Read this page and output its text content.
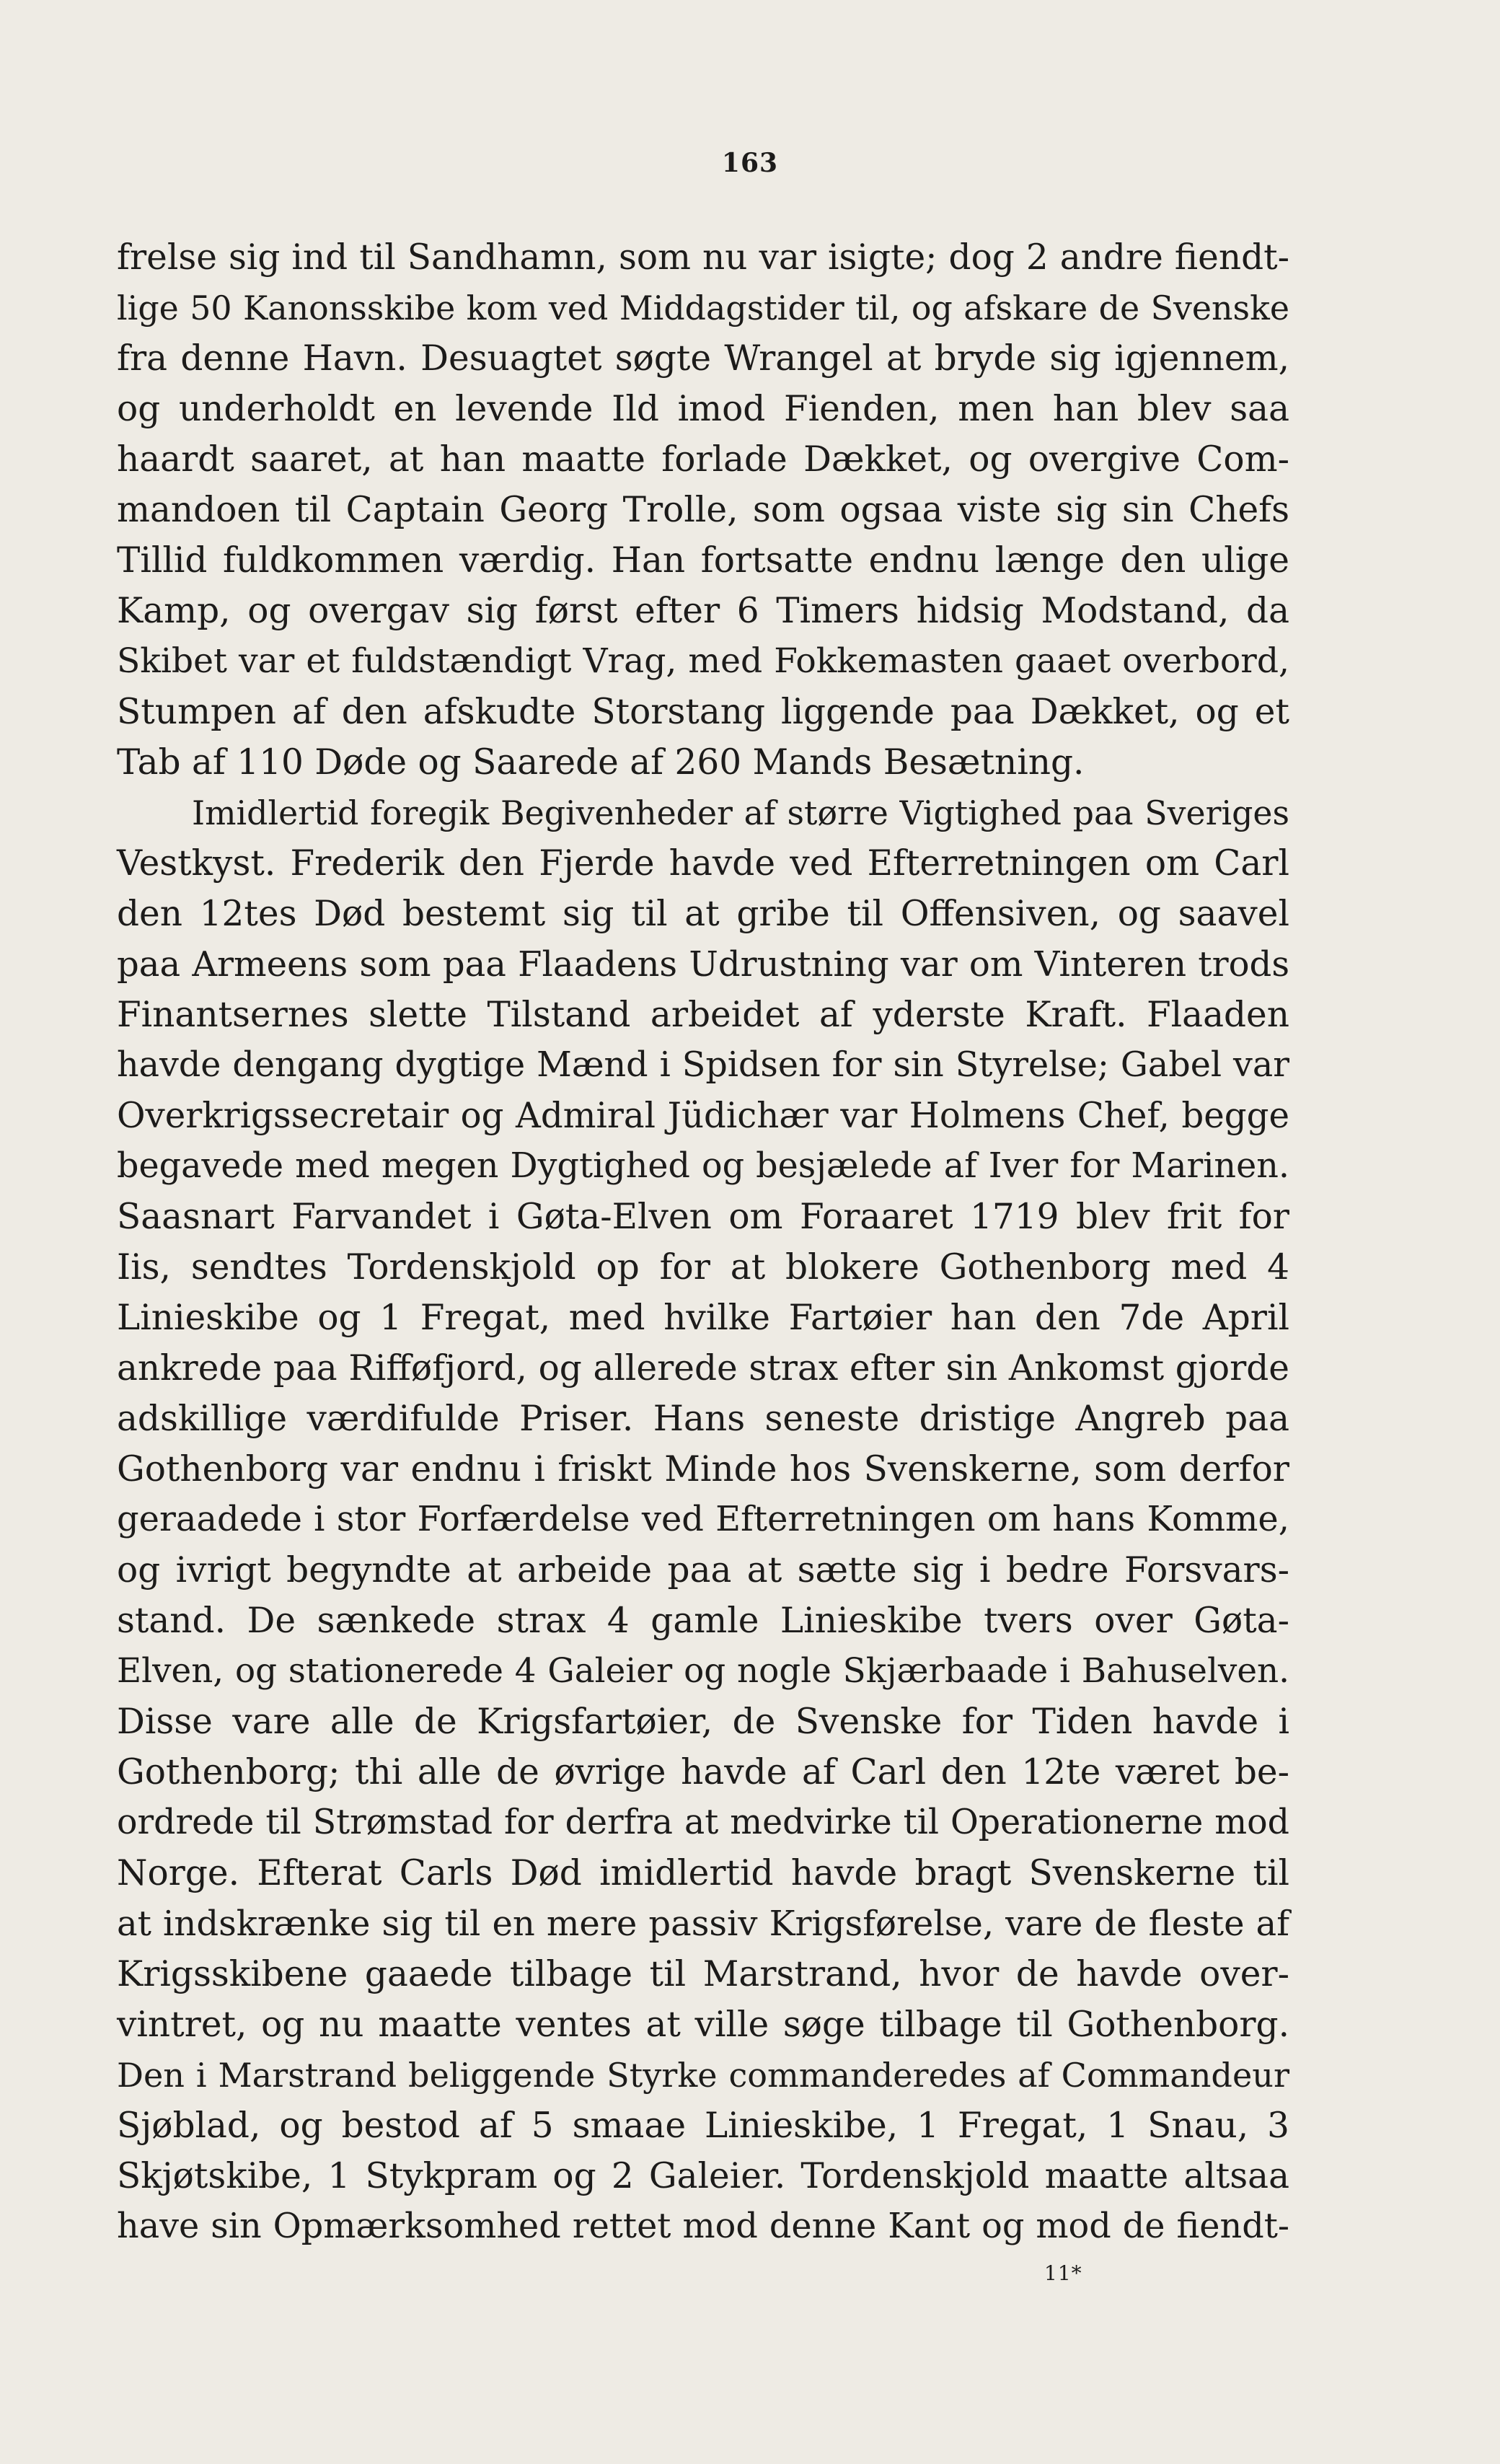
163
frelse sig ind til Sandhamn, som nu var isigte; dog 2 andre fiendt-
lige 50 Kanonsskibe kom ved Middagstider til, og afskare de Svenske
fra denne Havn. Desuagtet søgte Wrangel at bryde sig igjennem,
og underholdt en levende Ild imod Fienden, men han blev saa
haardt saaret, at han maatte forlade Dækket, og overgive Com-
mandoen til Captain Georg Trolle, som ogsaa viste sig sin Chefs
Tillid fuldkommen værdig. Han fortsatte endnu længe den ulige
Kamp, og overgav sig først efter 6 Timers hidsig Modstand, da
Skibet var et fuldstændigt Vrag, med Fokkemasten gaaet overbord,
Stumpen af den afskudte Storstang liggende paa Dækket, og et
Tab af 110 Døde og Saarede af 260 Mands Besætning.
Imidlertid foregik Begivenheder af større Vigtighed paa Sveriges
Vestkyst. Frederik den Fjerde havde ved Efterretningen om Carl
den 12tes Død bestemt sig til at gribe til Offensiven, og saavel
paa Armeens som paa Flaadens Udrustning var om Vinteren trods
Finantsernes slette Tilstand arbeidet af yderste Kraft. Flaaden
havde dengang dygtige Mænd i Spidsen for sin Styrelse; Gabel var
Overkrigssecretair og Admiral Jüdichær var Holmens Chef, begge
begavede med megen Dygtighed og besjælede af Iver for Marinen.
Saasnart Farvandet i Gøta-Elven om Foraaret 1719 blev frit for
Iis, sendtes Tordenskjold op for at blokere Gothenborg med 4
Linieskibe og 1 Fregat, med hvilke Fartøier han den 7de April
ankrede paa Rifføfjord, og allerede strax efter sin Ankomst gjorde
adskillige værdifulde Priser. Hans seneste dristige Angreb paa
Gothenborg var endnu i friskt Minde hos Svenskerne, som derfor
geraadede i stor Forfærdelse ved Efterretningen om hans Komme,
og ivrigt begyndte at arbeide paa at sætte sig i bedre Forsvars-
stand. De sænkede strax 4 gamle Linieskibe tvers over Gøta-
Elven, og stationerede 4 Galeier og nogle Skjærbaade i Bahuselven.
Disse vare alle de Krigsfartøier, de Svenske for Tiden havde i
Gothenborg; thi alle de øvrige havde af Carl den 12te været be-
ordrede til Strømstad for derfra at medvirke til Operationerne mod
Norge. Efterat Carls Død imidlertid havde bragt Svenskerne til
at indskrænke sig til en mere passiv Krigsførelse, vare de fleste af
Krigsskibene gaaede tilbage til Marstrand, hvor de havde over-
vintret, og nu maatte ventes at ville søge tilbage til Gothenborg.
Den i Marstrand beliggende Styrke commanderedes af Commandeur
Sjøblad, og bestod af 5 smaae Linieskibe, 1 Fregat, 1 Snau, 3
Skjøtskibe, 1 Stykpram og 2 Galeier. Tordenskjold maatte altsaa
have sin Opmærksomhed rettet mod denne Kant og mod de fiendt-
11*
